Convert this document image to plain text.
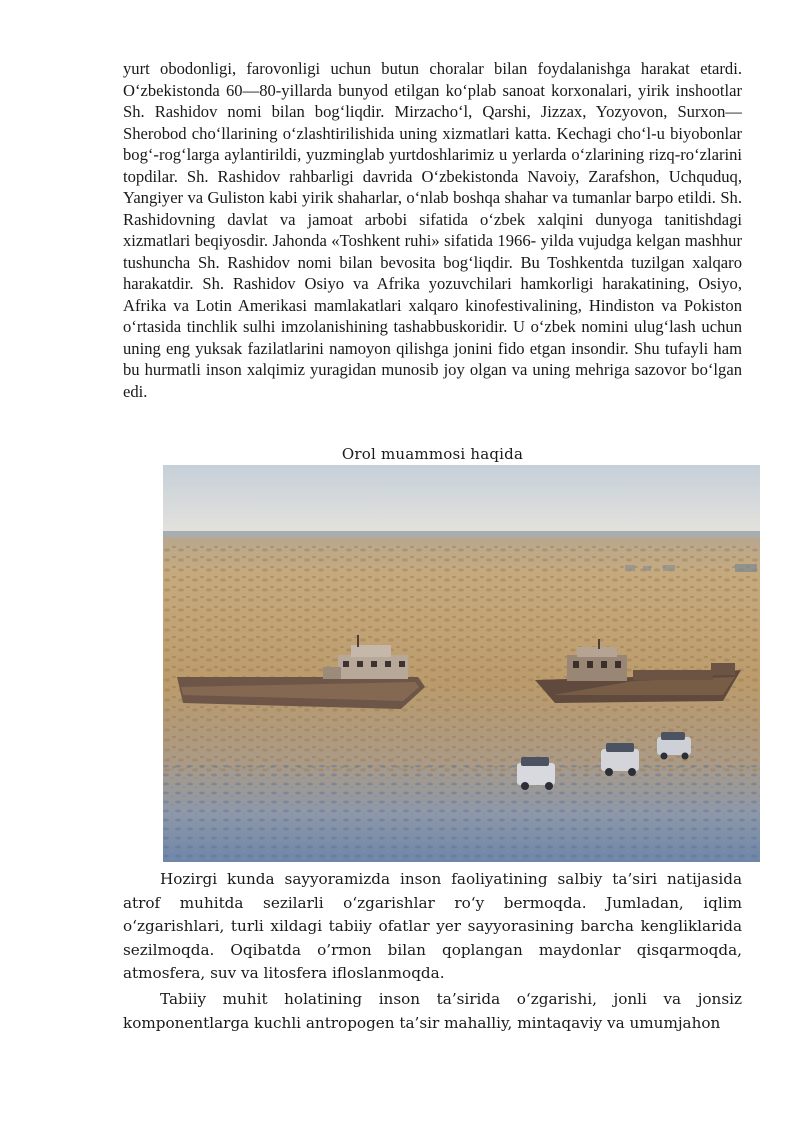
yurt obodonligi, farovonligi uchun butun choralar bilan foydalanishga harakat etardi. O‘zbekistonda 60—80-yillarda bunyod etilgan ko‘plab sanoat korxonalari, yirik inshootlar Sh. Rashidov nomi bilan bog‘liqdir. Mirzacho‘l, Qarshi, Jizzax, Yozyovon, Surxon—Sherobod cho‘llarining o‘zlashtirilishida uning xizmatlari katta. Kechagi cho‘l-u biyobonlar bog‘-rog‘larga aylantirildi, yuzminglab yurtdoshlarimiz u yerlarda o‘zlarining rizq-ro‘zlarini topdilar. Sh. Rashidov rahbarligi davrida O‘zbekistonda Navoiy, Zarafshon, Uchquduq, Yangiyer va Guliston kabi yirik shaharlar, o‘nlab boshqa shahar va tumanlar barpo etildi. Sh. Rashidovning davlat va jamoat arbobi sifatida o‘zbek xalqini dunyoga tanitishdagi xizmatlari beqiyosdir. Jahonda «Toshkent ruhi» sifatida 1966- yilda vujudga kelgan mashhur tushuncha Sh. Rashidov nomi bilan bevosita bog‘liqdir. Bu Toshkentda tuzilgan xalqaro harakatdir. Sh. Rashidov Osiyo va Afrika yozuvchilari hamkorligi harakatining, Osiyo, Afrika va Lotin Amerikasi mamlakatlari xalqaro kinofestivalining, Hindiston va Pokiston o‘rtasida tinchlik sulhi imzolanishining tashabbuskoridir. U o‘zbek nomini ulug‘lash uchun uning eng yuksak fazilatlarini namoyon qilishga jonini fido etgan insondir. Shu tufayli ham bu hurmatli inson xalqimiz yuragidan munosib joy olgan va uning mehriga sazovor bo‘lgan edi.

Orol muammosi haqida

Hozirgi kunda sayyoramizda inson faoliyatining salbiy ta’siri natijasida atrof muhitda sezilarli o‘zgarishlar ro‘y bermoqda. Jumladan, iqlim o‘zgarishlari, turli xildagi tabiiy ofatlar yer sayyorasining barcha kengliklarida sezilmoqda. Oqibatda o’rmon bilan qoplangan maydonlar qisqarmoqda, atmosfera, suv va litosfera ifloslanmoqda.

Tabiiy muhit holatining inson ta’sirida o‘zgarishi, jonli va jonsiz komponentlarga kuchli antropogen ta’sir mahalliy, mintaqaviy va umumjahon
